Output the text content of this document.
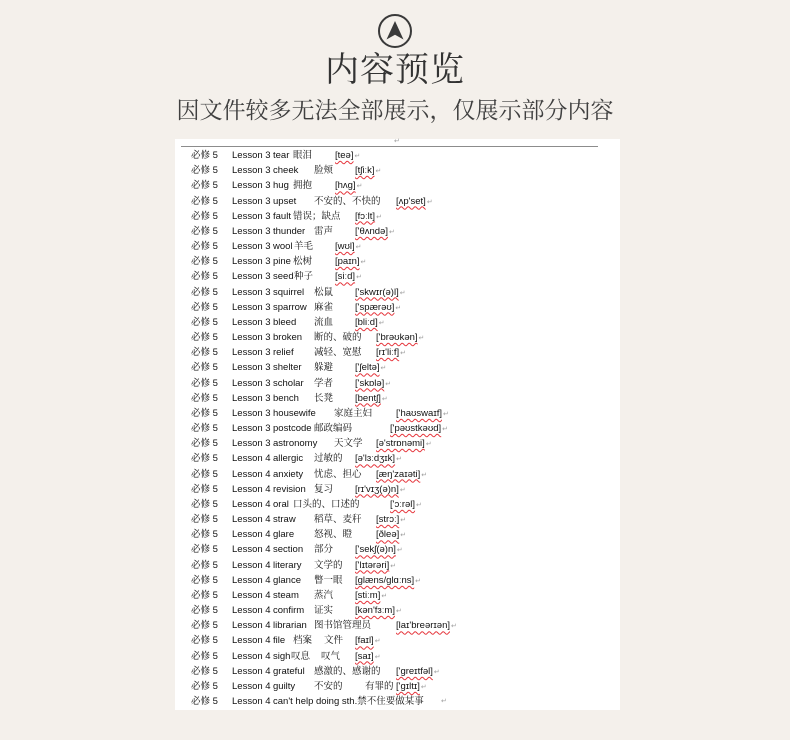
内容预览
因文件较多无法全部展示，仅展示部分内容
↵
必修 5 Lesson 3 tear 眼泪 [teə]↵
必修 5 Lesson 3 cheek 脸颊 [tʃiːk]↵
必修 5 Lesson 3 hug 拥抱 [hʌg]↵
必修 5 Lesson 3 upset 不安的、不快的 [ʌp'set]↵
必修 5 Lesson 3 fault 错误；缺点 [fɔːlt]↵
必修 5 Lesson 3 thunder 雷声 ['θʌndə]↵
必修 5 Lesson 3 wool 羊毛 [wʊl]↵
必修 5 Lesson 3 pine 松树 [paɪn]↵
必修 5 Lesson 3 seed 种子 [siːd]↵
必修 5 Lesson 3 squirrel 松鼠 ['skwɪr(ə)l]↵
必修 5 Lesson 3 sparrow 麻雀 ['spærəʊ]↵
必修 5 Lesson 3 bleed 流血 [bliːd]↵
必修 5 Lesson 3 broken 断的、破的 ['brəʊkən]↵
必修 5 Lesson 3 relief 减轻、宽慰 [rɪ'liːf]↵
必修 5 Lesson 3 shelter 躲避 ['ʃeltə]↵
必修 5 Lesson 3 scholar 学者 ['skɒlə]↵
必修 5 Lesson 3 bench 长凳 [bentʃ]↵
必修 5 Lesson 3 housewife 家庭主妇	['haʊswaɪf]↵
必修 5 Lesson 3 postcode 邮政编码	['pəʊstkəʊd]↵
必修 5 Lesson 3 astronomy 天文学 [ə'strɒnəmi]↵
必修 5 Lesson 4 allergic 过敏的 [ə'lɜːdʒɪk]↵
必修 5 Lesson 4 anxiety 忧虑、担心 [æŋ'zaɪəti]↵
必修 5 Lesson 4 revision 复习 [rɪ'vɪʒ(ə)n]↵
必修 5 Lesson 4 oral 口头的、口述的	['ɔːrəl]↵
必修 5 Lesson 4 straw 稻草、麦秆 [strɔː]↵
必修 5 Lesson 4 glare 怒视、瞪	[ðleə]↵
必修 5 Lesson 4 section 部分 ['sekʃ(ə)n]↵
必修 5 Lesson 4 literary 文学的 ['lɪtərəri]↵
必修 5 Lesson 4 glance 瞥一眼 [glæns/glɑːns]↵
必修 5 Lesson 4 steam 蒸汽 [stiːm]↵
必修 5 Lesson 4 confirm 证实 [kən'fɜːm]↵
必修 5 Lesson 4 librarian 图书馆管理员	[laɪ'breərɪən]↵
必修 5 Lesson 4 file 档案 文件 [faɪl]↵
必修 5 Lesson 4 sigh 叹息 叹气 [saɪ]↵
必修 5 Lesson 4 grateful 感激的、感谢的 ['greɪtfəl]↵
必修 5 Lesson 4 guilty 不安的 有罪的 ['gɪltɪ]↵
必修 5 Lesson 4 can't help doing sth.禁不住要做某事
↵
